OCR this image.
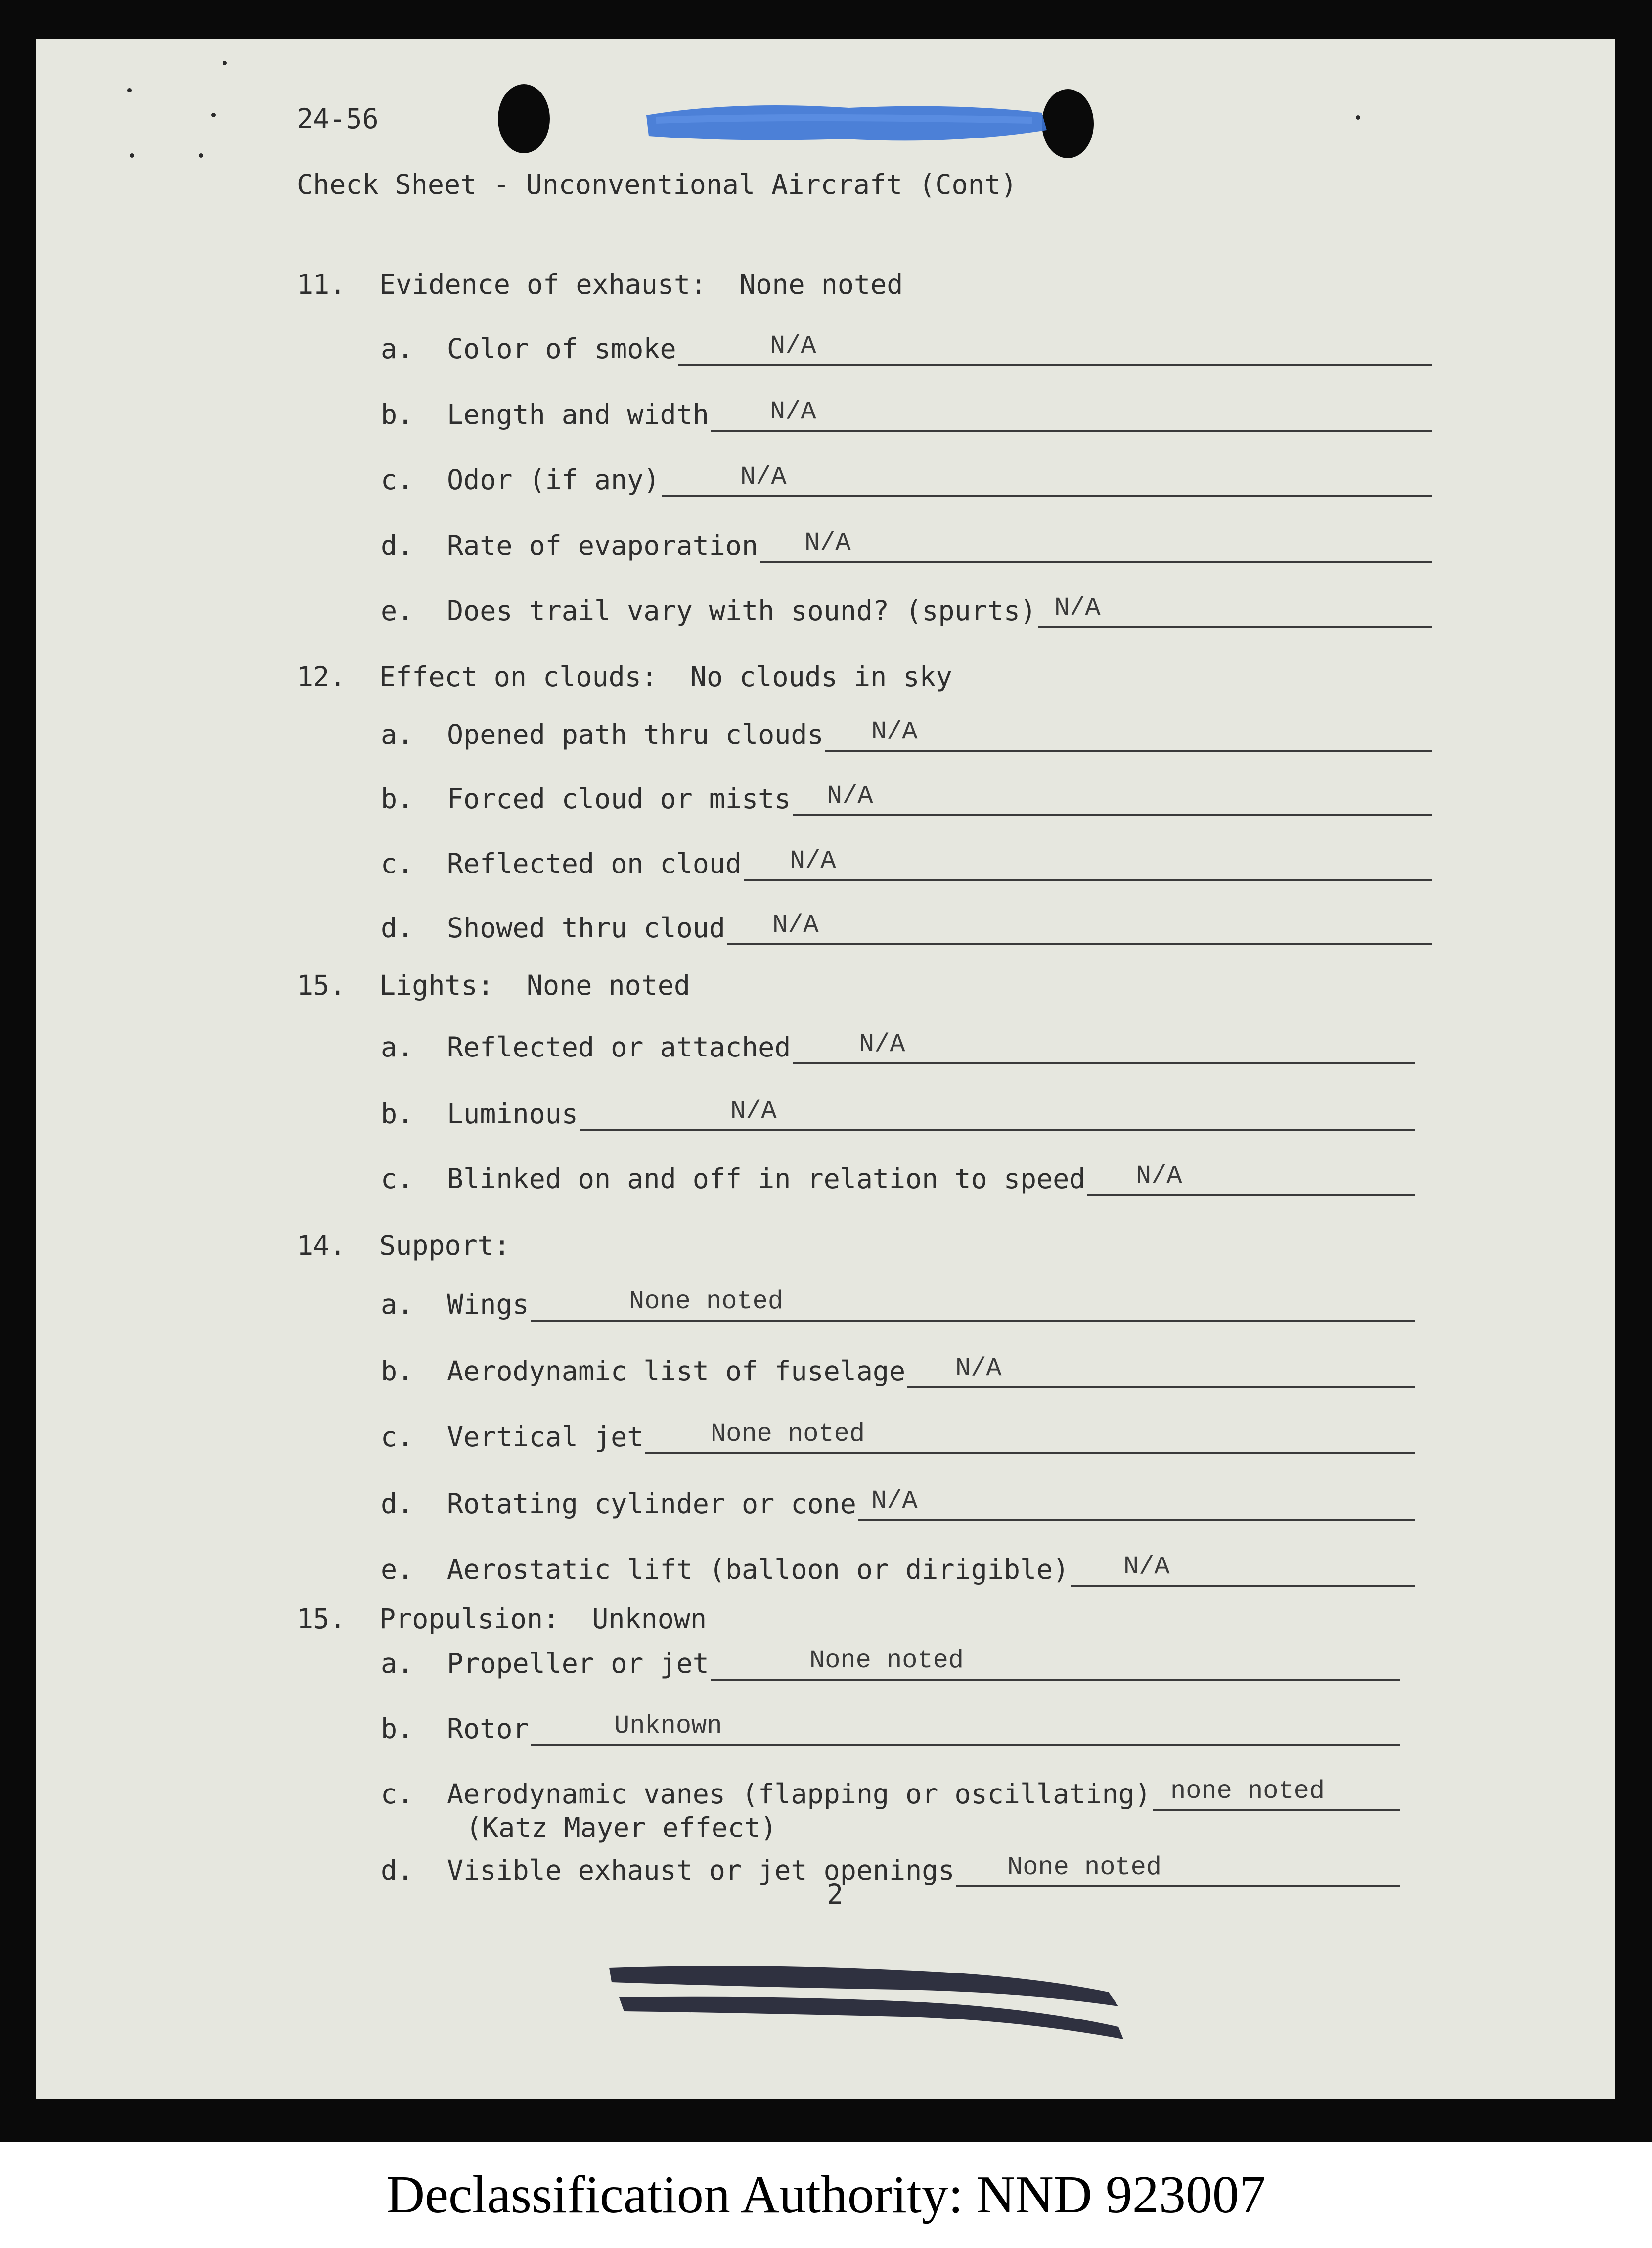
24-56
Check Sheet - Unconventional Aircraft (Cont)
11. Evidence of exhaust: None noted
a. Color of smoke	N/A
b. Length and width N/A
c. Odor (if any)	N/A
d. Rate of evaporation N/A
e. Does trail vary with sound? (spurts) N/A
12. Effect on clouds: No clouds in sky
a. Opened path thru clouds N/A
b. Forced cloud or mists N/A
c. Reflected on cloud N/A
d. Showed thru cloud N/A
15. Lights: None noted
a. Reflected or attached	N/A
b. Luminous	N/A
c. Blinked on and off in relation to speed N/A
14. Support:
a. Wings	None noted
b. Aerodynamic list of fuselage N/A
c. Vertical jet	None noted
d. Rotating cylinder or cone N/A
e. Aerostatic lift (balloon or dirigible) N/A
15. Propulsion: Unknown
a. Propeller or jet	None noted
b. Rotor	Unknown
c. Aerodynamic vanes (flapping or oscillating)
(Katz Mayer effect)
none noted
d. Visible exhaust or jet openings None noted
2
Declassification Authority: NND 923007
